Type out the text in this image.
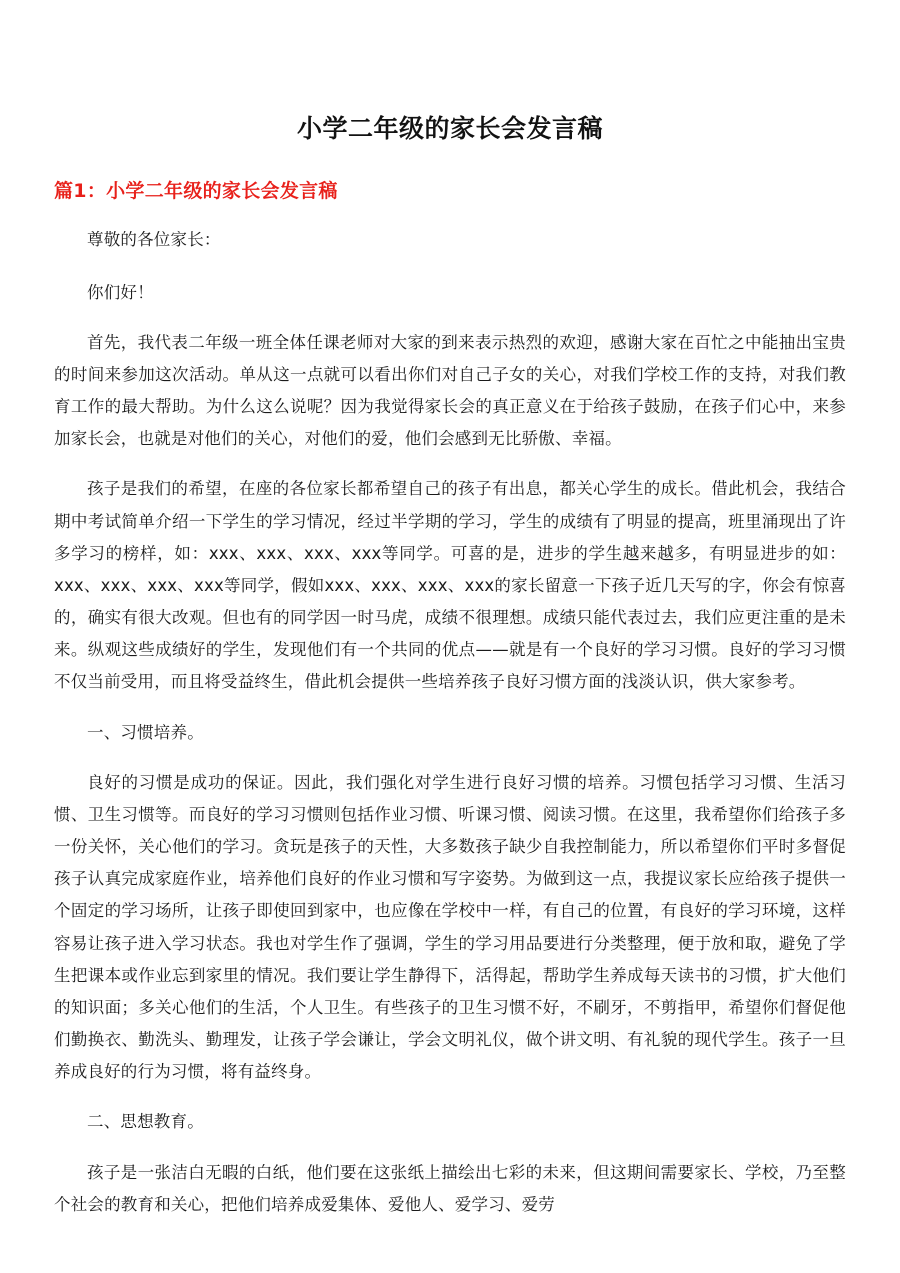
小学二年级的家长会发言稿
篇1：小学二年级的家长会发言稿

尊敬的各位家长：

你们好！

首先，我代表二年级一班全体任课老师对大家的到来表示热烈的欢迎，感谢大家在百忙之中能抽出宝贵的时间来参加这次活动。单从这一点就可以看出你们对自己子女的关心，对我们学校工作的支持，对我们教育工作的最大帮助。为什么这么说呢？因为我觉得家长会的真正意义在于给孩子鼓励，在孩子们心中，来参加家长会，也就是对他们的关心，对他们的爱，他们会感到无比骄傲、幸福。

孩子是我们的希望，在座的各位家长都希望自己的孩子有出息，都关心学生的成长。借此机会，我结合期中考试简单介绍一下学生的学习情况，经过半学期的学习，学生的成绩有了明显的提高，班里涌现出了许多学习的榜样，如：xxx、xxx、xxx、xxx等同学。可喜的是，进步的学生越来越多，有明显进步的如：xxx、xxx、xxx、xxx等同学，假如xxx、xxx、xxx、xxx的家长留意一下孩子近几天写的字，你会有惊喜的，确实有很大改观。但也有的同学因一时马虎，成绩不很理想。成绩只能代表过去，我们应更注重的是未来。纵观这些成绩好的学生，发现他们有一个共同的优点——就是有一个良好的学习习惯。良好的学习习惯不仅当前受用，而且将受益终生，借此机会提供一些培养孩子良好习惯方面的浅淡认识，供大家参考。

一、习惯培养。

良好的习惯是成功的保证。因此，我们强化对学生进行良好习惯的培养。习惯包括学习习惯、生活习惯、卫生习惯等。而良好的学习习惯则包括作业习惯、听课习惯、阅读习惯。在这里，我希望你们给孩子多一份关怀，关心他们的学习。贪玩是孩子的天性，大多数孩子缺少自我控制能力，所以希望你们平时多督促孩子认真完成家庭作业，培养他们良好的作业习惯和写字姿势。为做到这一点，我提议家长应给孩子提供一个固定的学习场所，让孩子即使回到家中，也应像在学校中一样，有自己的位置，有良好的学习环境，这样容易让孩子进入学习状态。我也对学生作了强调，学生的学习用品要进行分类整理，便于放和取，避免了学生把课本或作业忘到家里的情况。我们要让学生静得下，活得起，帮助学生养成每天读书的习惯，扩大他们的知识面；多关心他们的生活，个人卫生。有些孩子的卫生习惯不好，不刷牙，不剪指甲，希望你们督促他们勤换衣、勤洗头、勤理发，让孩子学会谦让，学会文明礼仪，做个讲文明、有礼貌的现代学生。孩子一旦养成良好的行为习惯，将有益终身。

二、思想教育。

孩子是一张洁白无暇的白纸，他们要在这张纸上描绘出七彩的未来，但这期间需要家长、学校，乃至整个社会的教育和关心，把他们培养成爱集体、爱他人、爱学习、爱劳
